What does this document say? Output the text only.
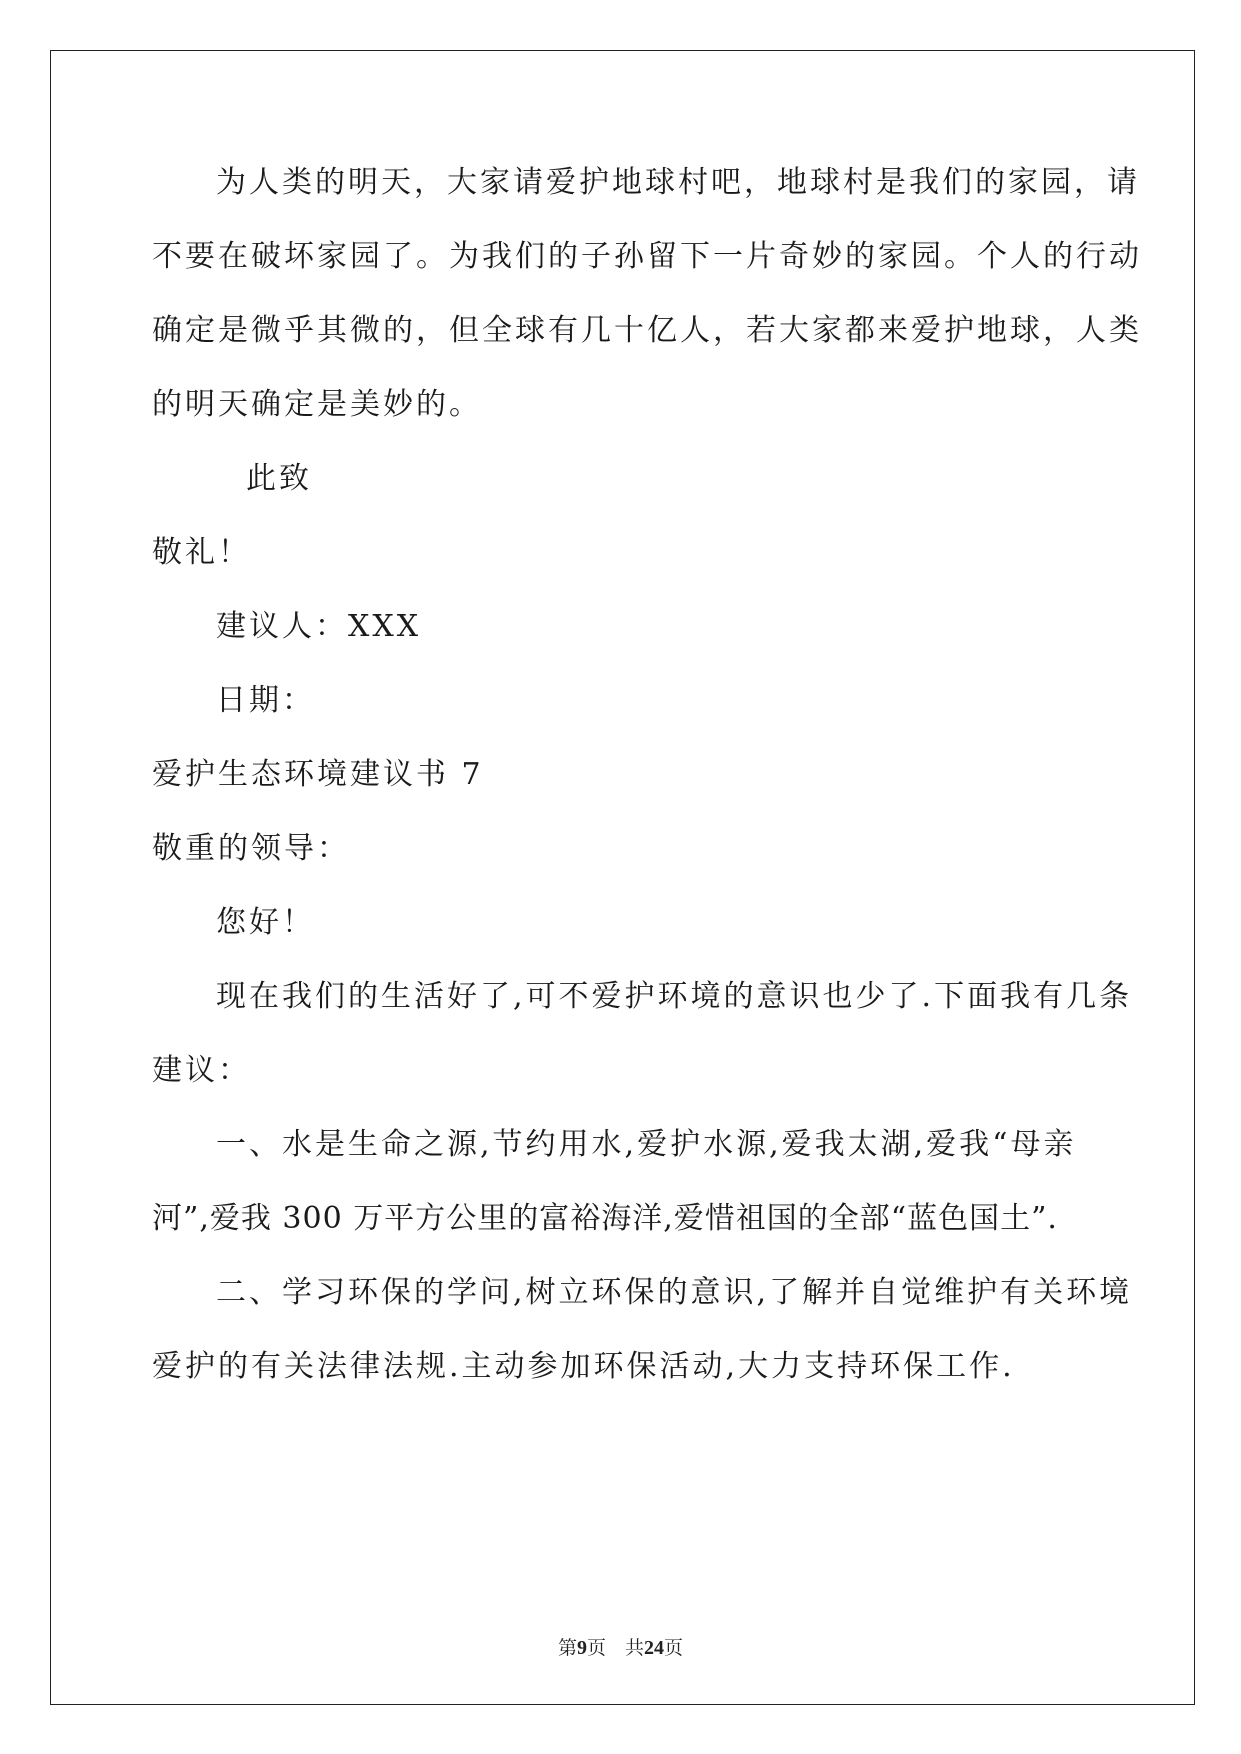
为人类的明天，大家请爱护地球村吧，地球村是我们的家园，请
不要在破坏家园了。为我们的子孙留下一片奇妙的家园。个人的行动
确定是微乎其微的，但全球有几十亿人，若大家都来爱护地球，人类
的明天确定是美妙的。
此致
敬礼！
建议人：XXX
日期：
爱护生态环境建议书 7
敬重的领导：
您好！
现在我们的生活好了,可不爱护环境的意识也少了.下面我有几条
建议：
一、水是生命之源,节约用水,爱护水源,爱我太湖,爱我“母亲
河”,爱我 300 万平方公里的富裕海洋,爱惜祖国的全部“蓝色国土”.
二、学习环保的学问,树立环保的意识,了解并自觉维护有关环境
爱护的有关法律法规.主动参加环保活动,大力支持环保工作.
第9页　共24页
